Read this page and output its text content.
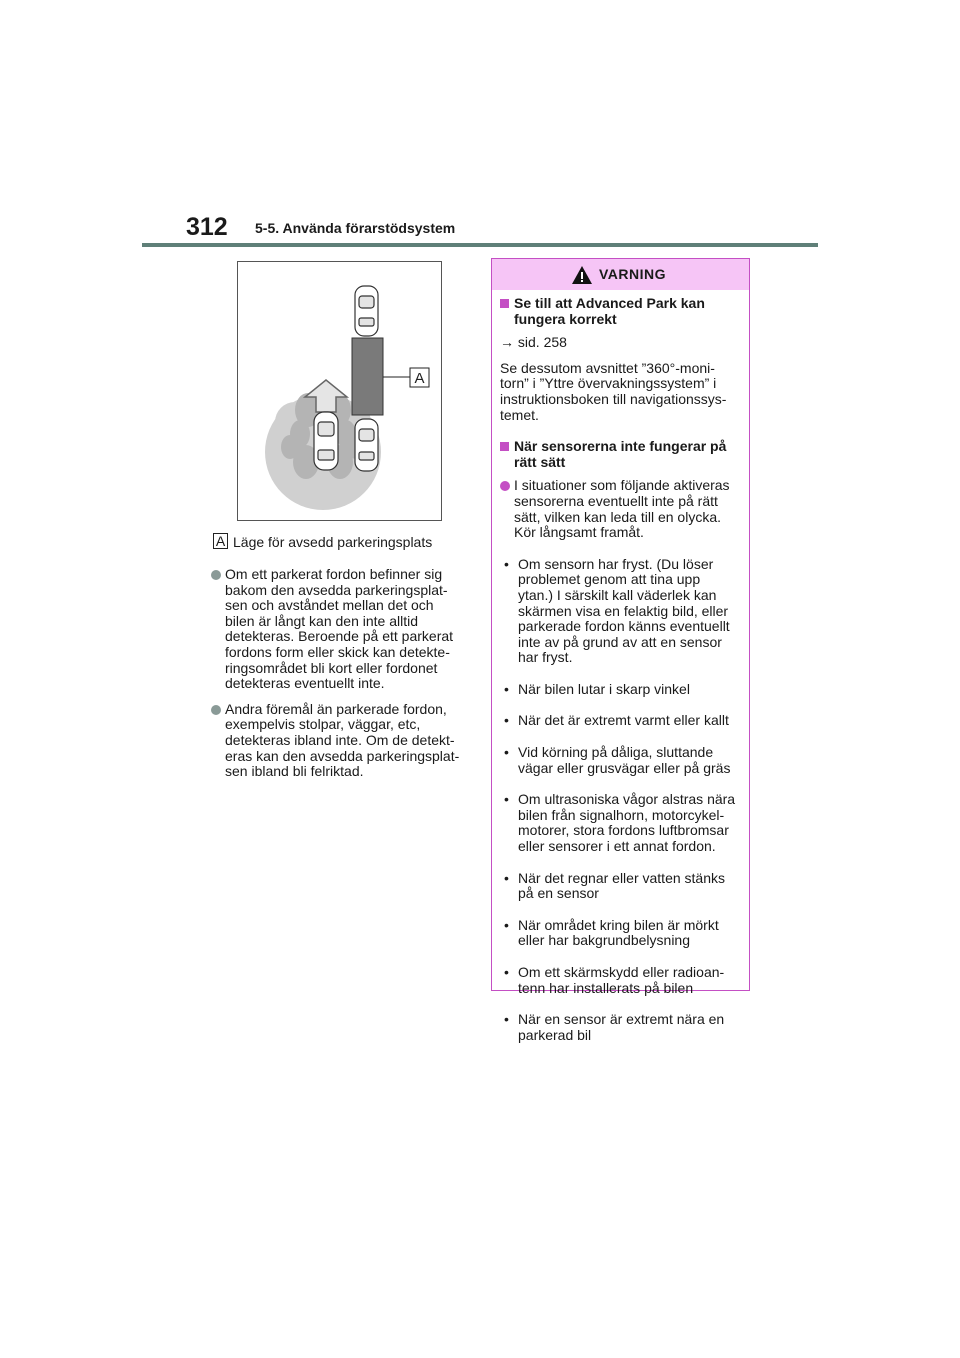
312 5-5. Använda förarstödsystem
A
A Läge för avsedd parkeringsplats
Om ett parkerat fordon befinner sig bakom den avsedda parkeringsplat-sen och avståndet mellan det och bilen är långt kan den inte alltid detekteras. Beroende på ett parkerat fordons form eller skick kan detekte-ringsområdet bli kort eller fordonet detekteras eventuellt inte.
Andra föremål än parkerade fordon, exempelvis stolpar, väggar, etc, detekteras ibland inte. Om de detekt-eras kan den avsedda parkeringsplat-sen ibland bli felriktad.
VARNING
Se till att Advanced Park kan fungera korrekt
→ sid. 258
Se dessutom avsnittet ”360°-moni-torn” i ”Yttre övervakningssystem” i instruktionsboken till navigationssys-temet.
När sensorerna inte fungerar på rätt sätt
I situationer som följande aktiveras sensorerna eventuellt inte på rätt sätt, vilken kan leda till en olycka. Kör långsamt framåt.
• Om sensorn har fryst. (Du löser problemet genom att tina upp ytan.) I särskilt kall väderlek kan skärmen visa en felaktig bild, eller parkerade fordon känns eventuellt inte av på grund av att en sensor har fryst.
• När bilen lutar i skarp vinkel
• När det är extremt varmt eller kallt
• Vid körning på dåliga, sluttande vägar eller grusvägar eller på gräs
• Om ultrasoniska vågor alstras nära bilen från signalhorn, motorcykel-motorer, stora fordons luftbromsar eller sensorer i ett annat fordon.
• När det regnar eller vatten stänks på en sensor
• När området kring bilen är mörkt eller har bakgrundbelysning
• Om ett skärmskydd eller radioan-tenn har installerats på bilen
• När en sensor är extremt nära en parkerad bil
